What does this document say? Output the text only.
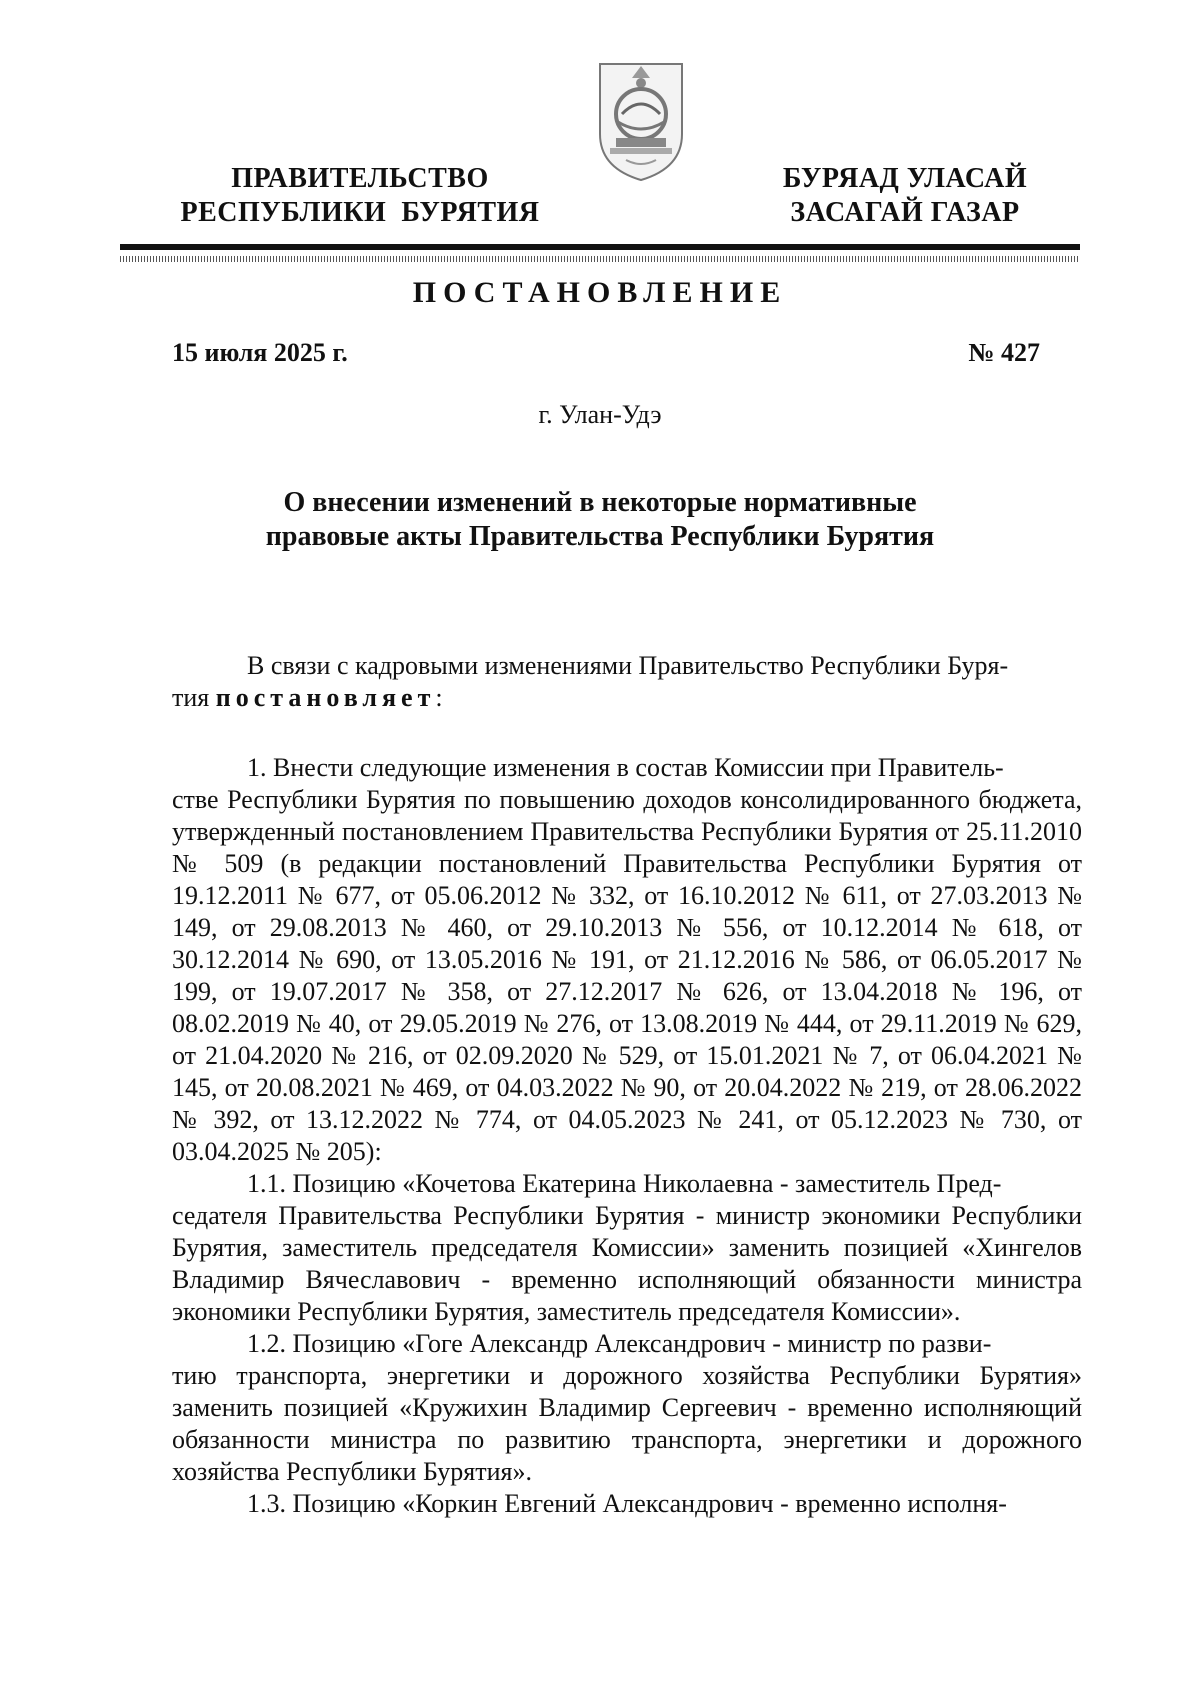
ПРАВИТЕЛЬСТВО
РЕСПУБЛИКИ  БУРЯТИЯ
БУРЯАД УЛАСАЙ
ЗАСАГАЙ ГАЗАР
ПОСТАНОВЛЕНИЕ
15 июля 2025 г.	№ 427
г. Улан-Удэ
О внесении изменений в некоторые нормативные
правовые акты Правительства Республики Бурятия
В связи с кадровыми изменениями Правительство Республики Буря-
тия постановляет:
1. Внести следующие изменения в состав Комиссии при Правитель-
стве Республики Бурятия по повышению доходов консолидированного бюджета, утвержденный постановлением Правительства Республики Бурятия от 25.11.2010 № 509 (в редакции постановлений Правительства Республики Бурятия от 19.12.2011 № 677, от 05.06.2012 № 332, от 16.10.2012 № 611, от 27.03.2013 № 149, от 29.08.2013 № 460, от 29.10.2013 № 556, от 10.12.2014 № 618, от 30.12.2014 № 690, от 13.05.2016 № 191, от 21.12.2016 № 586, от 06.05.2017 № 199, от 19.07.2017 № 358, от 27.12.2017 № 626, от 13.04.2018 № 196, от 08.02.2019 № 40, от 29.05.2019 № 276, от 13.08.2019 № 444, от 29.11.2019 № 629, от 21.04.2020 № 216, от 02.09.2020 № 529, от 15.01.2021 № 7, от 06.04.2021 № 145, от 20.08.2021 № 469, от 04.03.2022 № 90, от 20.04.2022 № 219, от 28.06.2022 № 392, от 13.12.2022 № 774, от 04.05.2023 № 241, от 05.12.2023 № 730, от 03.04.2025 № 205):
1.1. Позицию «Кочетова Екатерина Николаевна - заместитель Пред-
седателя Правительства Республики Бурятия - министр экономики Республики Бурятия, заместитель председателя Комиссии» заменить позицией «Хингелов Владимир Вячеславович - временно исполняющий обязанности министра экономики Республики Бурятия, заместитель председателя Комиссии».
1.2. Позицию «Гоге Александр Александрович - министр по разви-
тию транспорта, энергетики и дорожного хозяйства Республики Бурятия» заменить позицией «Кружихин Владимир Сергеевич - временно исполняющий обязанности министра по развитию транспорта, энергетики и дорожного хозяйства Республики Бурятия».
1.3. Позицию «Коркин Евгений Александрович - временно исполня-
